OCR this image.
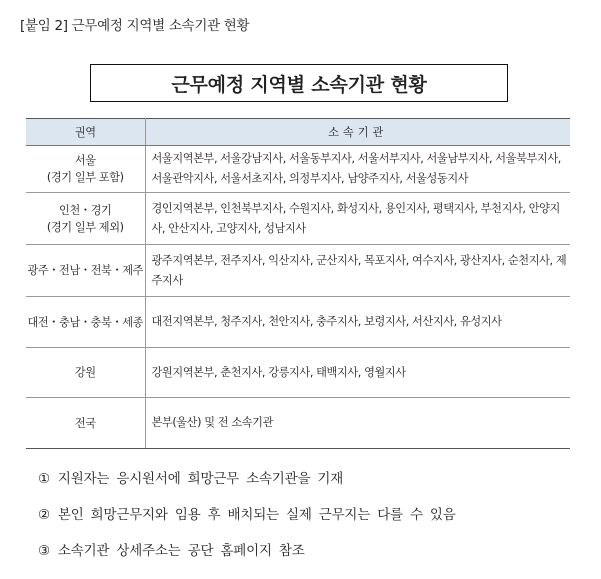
[붙임 2] 근무예정 지역별 소속기관 현황
근무예정 지역별 소속기관 현황
권역	소속기관

서울
(경기 일부 포함)	서울지역본부, 서울강남지사, 서울동부지사, 서울서부지사, 서울남부지사, 서울북부지사, 서울관악지사, 서울서초지사, 의정부지사, 남양주지사, 서울성동지사

인천・경기
(경기 일부 제외)	경인지역본부, 인천북부지사, 수원지사, 화성지사, 용인지사, 평택지사, 부천지사, 안양지사, 안산지사, 고양지사, 성남지사

광주・전남・전북・제주	광주지역본부, 전주지사, 익산지사, 군산지사, 목포지사, 여수지사, 광산지사, 순천지사, 제주지사

대전・충남・충북・세종	대전지역본부, 청주지사, 천안지사, 충주지사, 보령지사, 서산지사, 유성지사

강원	강원지역본부, 춘천지사, 강릉지사, 태백지사, 영월지사

전국	본부(울산) 및 전 소속기관
① 지원자는 응시원서에 희망근무 소속기관을 기재
② 본인 희망근무지와 임용 후 배치되는 실제 근무지는 다를 수 있음
③ 소속기관 상세주소는 공단 홈페이지 참조
